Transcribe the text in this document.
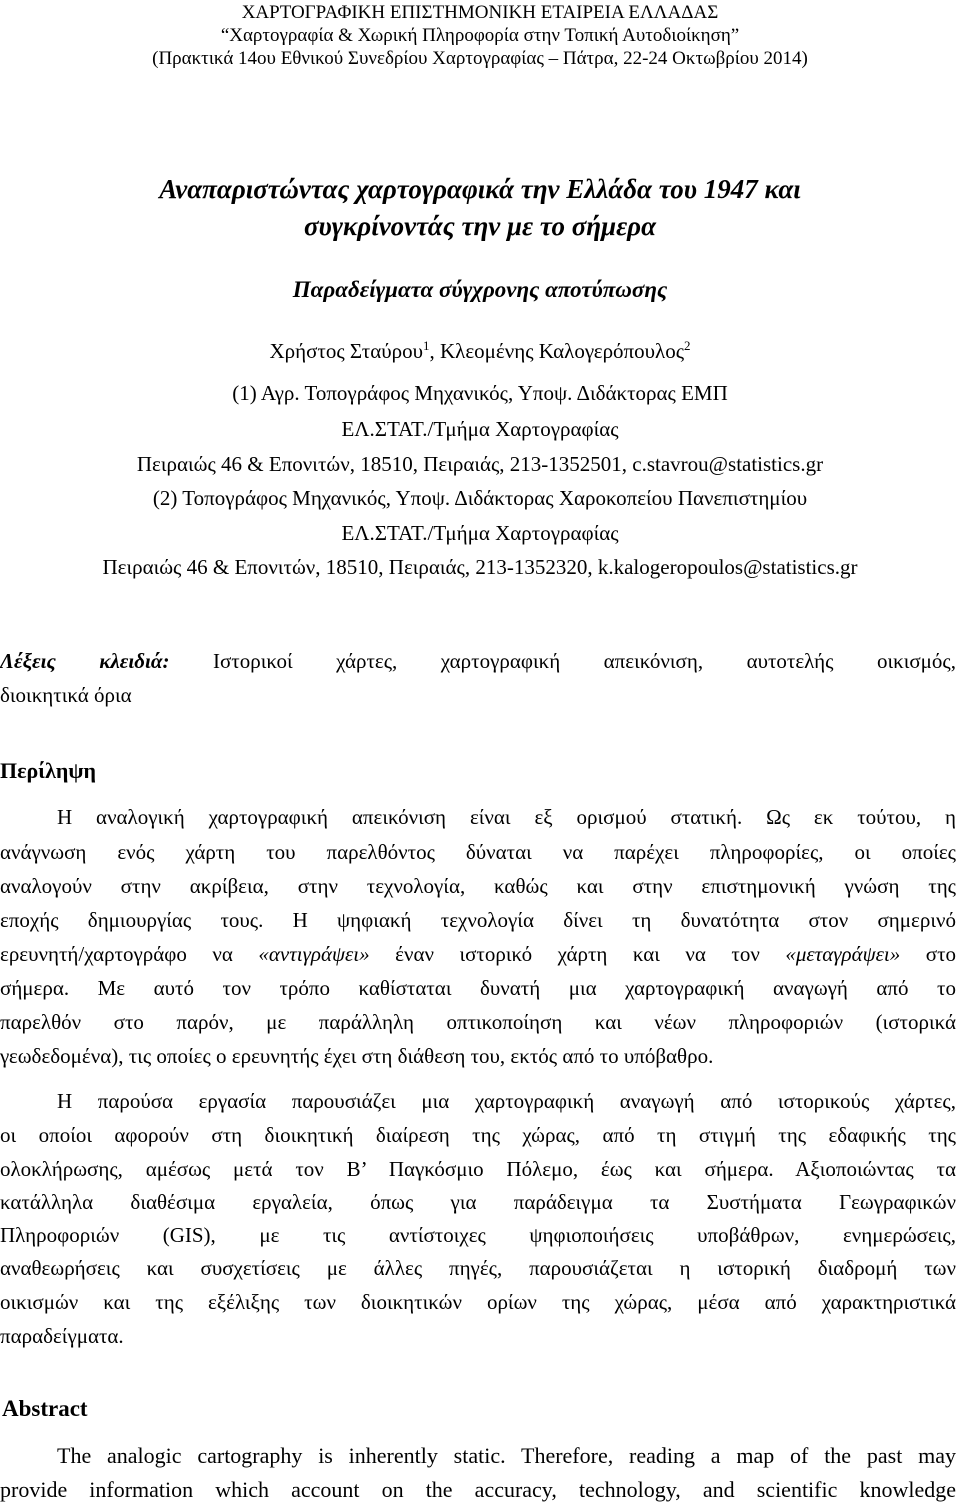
ΧΑΡΤΟΓΡΑΦΙΚΗ ΕΠΙΣΤΗΜΟΝΙΚΗ ΕΤΑΙΡΕΙΑ ΕΛΛΑΔΑΣ
“Χαρτογραφία & Χωρική Πληροφορία στην Τοπική Αυτοδιοίκηση”
(Πρακτικά 14ου Εθνικού Συνεδρίου Χαρτογραφίας – Πάτρα, 22-24 Οκτωβρίου 2014)
Αναπαριστώντας χαρτογραφικά την Ελλάδα του 1947 και
συγκρίνοντάς την με το σήμερα
Παραδείγματα σύγχρονης αποτύπωσης
Χρήστος Σταύρου$^1$, Κλεομένης Καλογερόπουλος$^2$
(1) Αγρ. Τοπογράφος Μηχανικός, Υποψ. Διδάκτορας ΕΜΠ
ΕΛ.ΣΤΑΤ./Τμήμα Χαρτογραφίας
Πειραιώς 46 & Επονιτών, 18510, Πειραιάς, 213-1352501, c.stavrou@statistics.gr
(2) Τοπογράφος Μηχανικός, Υποψ. Διδάκτορας Χαροκοπείου Πανεπιστημίου
ΕΛ.ΣΤΑΤ./Τμήμα Χαρτογραφίας
Πειραιώς 46 & Επονιτών, 18510, Πειραιάς, 213-1352320, k.kalogeropoulos@statistics.gr
Λέξεις κλειδιά: Ιστορικοί χάρτες, χαρτογραφική απεικόνιση, αυτοτελής οικισμός,
διοικητικά όρια
Περίληψη
Η αναλογική χαρτογραφική απεικόνιση είναι εξ ορισμού στατική. Ως εκ τούτου, η
ανάγνωση ενός χάρτη του παρελθόντος δύναται να παρέχει πληροφορίες, οι οποίες
αναλογούν στην ακρίβεια, στην τεχνολογία, καθώς και στην επιστημονική γνώση της
εποχής δημιουργίας τους. Η ψηφιακή τεχνολογία δίνει τη δυνατότητα στον σημερινό
ερευνητή/χαρτογράφο να «αντιγράψει» έναν ιστορικό χάρτη και να τον «μεταγράψει» στο
σήμερα. Με αυτό τον τρόπο καθίσταται δυνατή μια χαρτογραφική αναγωγή από το
παρελθόν στο παρόν, με παράλληλη οπτικοποίηση και νέων πληροφοριών (ιστορικά
γεωδεδομένα), τις οποίες ο ερευνητής έχει στη διάθεση του, εκτός από το υπόβαθρο.
Η παρούσα εργασία παρουσιάζει μια χαρτογραφική αναγωγή από ιστορικούς χάρτες,
οι οποίοι αφορούν στη διοικητική διαίρεση της χώρας, από τη στιγμή της εδαφικής της
ολοκλήρωσης, αμέσως μετά τον Β’ Παγκόσμιο Πόλεμο, έως και σήμερα. Αξιοποιώντας τα
κατάλληλα διαθέσιμα εργαλεία, όπως για παράδειγμα τα Συστήματα Γεωγραφικών
Πληροφοριών (GIS), με τις αντίστοιχες ψηφιοποιήσεις υποβάθρων, ενημερώσεις,
αναθεωρήσεις και συσχετίσεις με άλλες πηγές, παρουσιάζεται η ιστορική διαδρομή των
οικισμών και της εξέλιξης των διοικητικών ορίων της χώρας, μέσα από χαρακτηριστικά
παραδείγματα.
Abstract
The analogic cartography is inherently static. Therefore, reading a map of the past may
provide information which account on the accuracy, technology, and scientific knowledge
